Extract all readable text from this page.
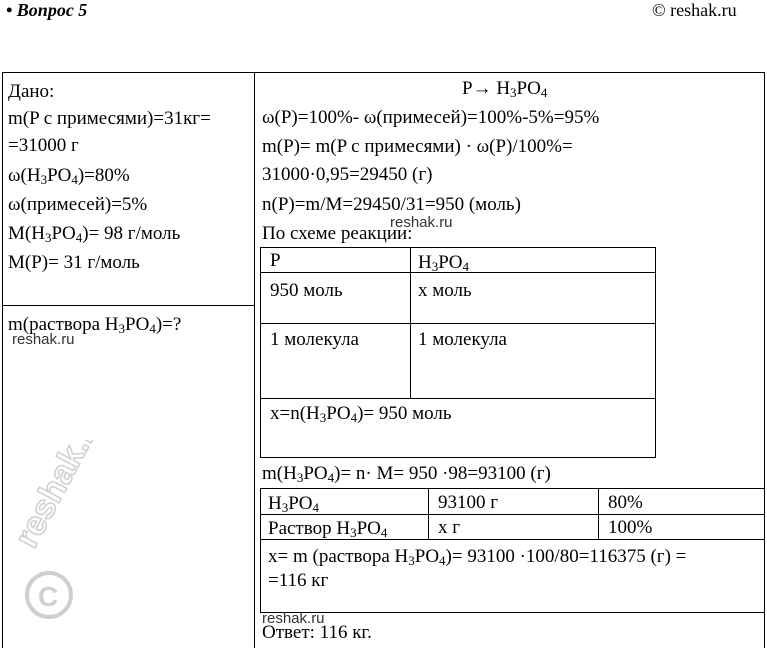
• Вопрос 5	© reshak.ru
Дано:
m(P с примесями)=31кг=
=31000 г
$\omega(H_3PO_4)=80\%$
ω(примесей)=5%
$M(H_3PO_4)= 98$ г/моль
M(P)= 31 г/моль
m(раствора $H_3PO_4)=$?
reshak.ru
reshak.ru
C
$P\to H_3PO_4$
ω(P)=100%- ω(примесей)=100%-5%=95%
m(P)= m(P с примесями) · ω(P)/100%=
31000·0,95=29450 (г)
n(P)=m/M=29450/31=950 (моль)
reshak.ru
По схеме реакции:
P	$H_3PO_4$
950 моль	х моль
1 молекула	1 молекула
$x=n(H_3PO_4)= 950$ моль
$m(H_3PO_4)= n\cdot M= 950 \cdot 98=93100$ (г)
$H_3PO_4$	93100 г	80%
Раствор $H_3PO_4$	х г	100%
x= m (раствора $H_3PO_4)= 93100 \cdot 100/80=116375$ (г) =
=116 кг
reshak.ru
Ответ: 116 кг.
